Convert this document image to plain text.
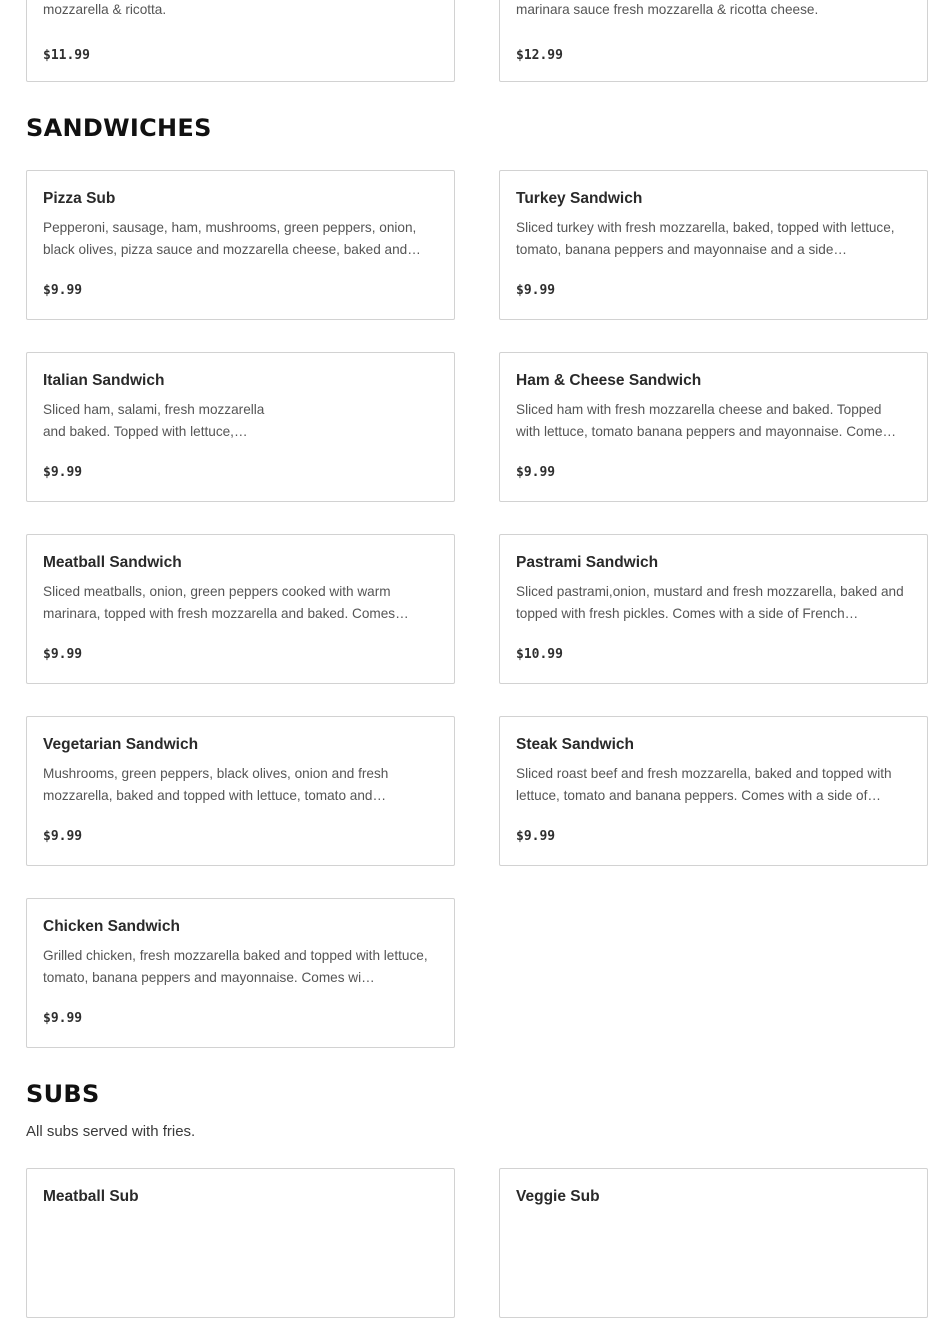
mozzarella & ricotta.
$11.99
marinara sauce fresh mozzarella & ricotta cheese.
$12.99
SANDWICHES
Pizza Sub
Pepperoni, sausage, ham, mushrooms, green peppers, onion, black olives, pizza sauce and mozzarella cheese, baked and…
$9.99
Turkey Sandwich
Sliced turkey with fresh mozzarella, baked, topped with lettuce, tomato, banana peppers and mayonnaise and a side…
$9.99
Italian Sandwich
Sliced ham, salami, fresh mozzarella and baked. Topped with lettuce,…
$9.99
Ham & Cheese Sandwich
Sliced ham with fresh mozzarella cheese and baked. Topped with lettuce, tomato banana peppers and mayonnaise. Come…
$9.99
Meatball Sandwich
Sliced meatballs, onion, green peppers cooked with warm marinara, topped with fresh mozzarella and baked. Comes…
$9.99
Pastrami Sandwich
Sliced pastrami,onion, mustard and fresh mozzarella, baked and topped with fresh pickles. Comes with a side of French…
$10.99
Vegetarian Sandwich
Mushrooms, green peppers, black olives, onion and fresh mozzarella, baked and topped with lettuce, tomato and…
$9.99
Steak Sandwich
Sliced roast beef and fresh mozzarella, baked and topped with lettuce, tomato and banana peppers. Comes with a side of…
$9.99
Chicken Sandwich
Grilled chicken, fresh mozzarella baked and topped with lettuce, tomato, banana peppers and mayonnaise. Comes wi…
$9.99
SUBS

All subs served with fries.

Meatball Sub	Veggie Sub
